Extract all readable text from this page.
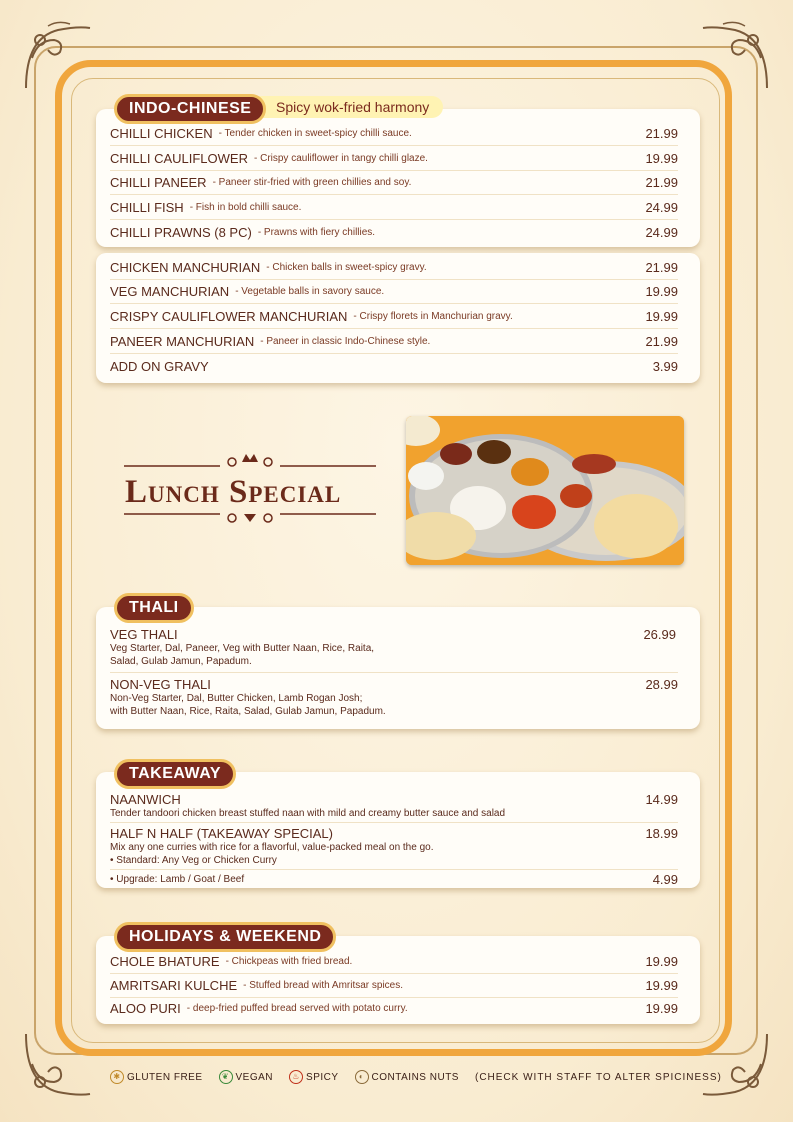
CHILLI CHICKEN - Tender chicken in sweet-spicy chilli sauce.	21.99
CHILLI CAULIFLOWER - Crispy cauliflower in tangy chilli glaze.	19.99
CHILLI PANEER - Paneer stir-fried with green chillies and soy.	21.99
CHILLI FISH - Fish in bold chilli sauce.	24.99
CHILLI PRAWNS (8 PC) - Prawns with fiery chillies.	24.99
Spicy wok-fried harmony
INDO-CHINESE
CHICKEN MANCHURIAN - Chicken balls in sweet-spicy gravy.	21.99
VEG MANCHURIAN - Vegetable balls in savory sauce.	19.99
CRISPY CAULIFLOWER MANCHURIAN - Crispy florets in Manchurian gravy.	19.99
PANEER MANCHURIAN - Paneer in classic Indo-Chinese style.	21.99
ADD ON GRAVY	3.99
Lunch Special
VEG THALI	26.99
Veg Starter, Dal, Paneer, Veg with Butter Naan, Rice, Raita,
Salad, Gulab Jamun, Papadum.
NON-VEG THALI	28.99
Non-Veg Starter, Dal, Butter Chicken, Lamb Rogan Josh;
with Butter Naan, Rice, Raita, Salad, Gulab Jamun, Papadum.
THALI
NAANWICH	14.99
Tender tandoori chicken breast stuffed naan with mild and creamy butter sauce and salad
HALF N HALF (TAKEAWAY SPECIAL)	18.99
Mix any one curries with rice for a flavorful, value-packed meal on the go.
• Standard: Any Veg or Chicken Curry
• Upgrade: Lamb / Goat / Beef	4.99
TAKEAWAY
CHOLE BHATURE - Chickpeas with fried bread.	19.99
AMRITSARI KULCHE - Stuffed bread with Amritsar spices.	19.99
ALOO PURI - deep-fried puffed bread served with potato curry.	19.99
HOLIDAYS & WEEKEND
✱ GLUTEN FREE	❦ VEGAN	♨ SPICY	◐ CONTAINS NUTS (CHECK WITH STAFF TO ALTER SPICINESS)
